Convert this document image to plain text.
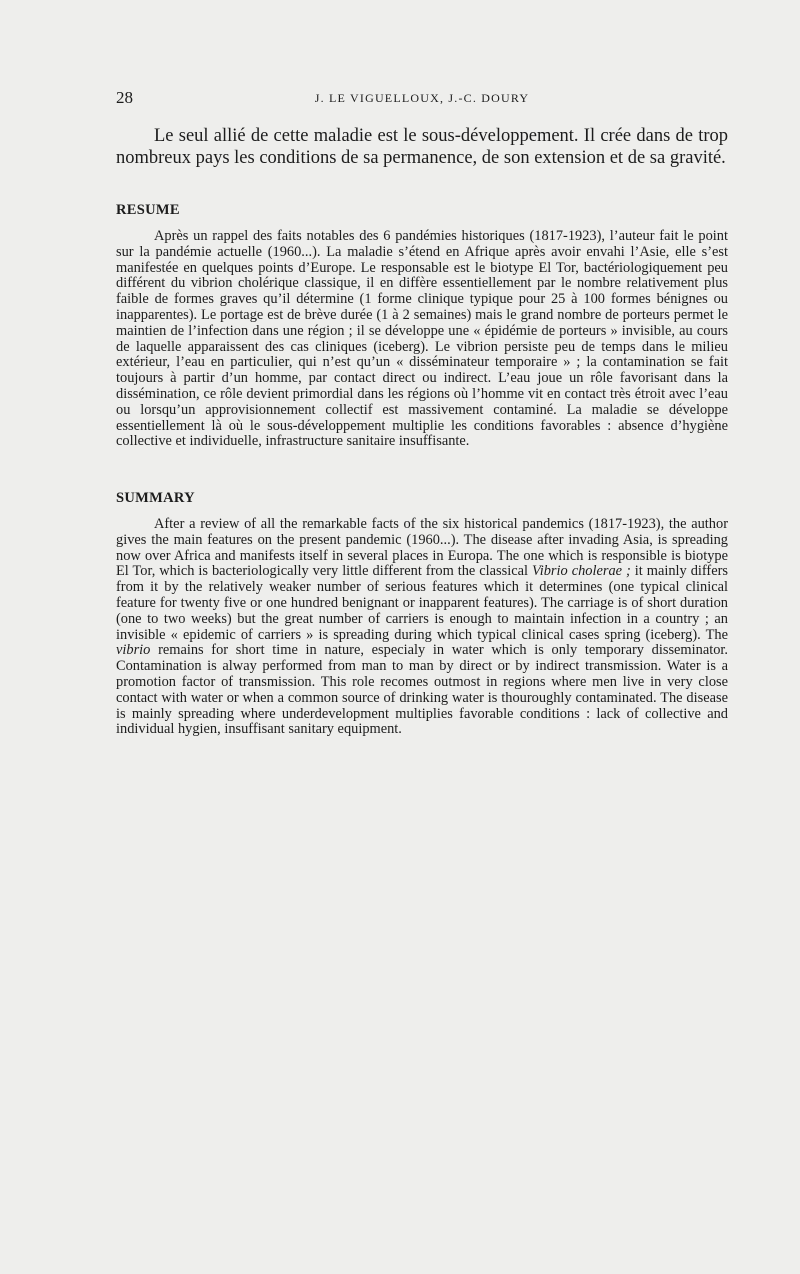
28	J. LE VIGUELLOUX, J.-C. DOURY

Le seul allié de cette maladie est le sous-développement. Il crée dans de trop nombreux pays les conditions de sa permanence, de son extension et de sa gravité.

RESUME

Après un rappel des faits notables des 6 pandémies historiques (1817-1923), l’auteur fait le point sur la pandémie actuelle (1960...). La maladie s’étend en Afrique après avoir envahi l’Asie, elle s’est manifestée en quelques points d’Europe. Le responsable est le biotype El Tor, bactériologiquement peu différent du vibrion cholérique classique, il en diffère essentiellement par le nombre relativement plus faible de formes graves qu’il détermine (1 forme clinique typique pour 25 à 100 formes bénignes ou inapparentes). Le portage est de brève durée (1 à 2 semaines) mais le grand nombre de porteurs permet le maintien de l’infection dans une région ; il se développe une « épidémie de porteurs » invisible, au cours de laquelle apparaissent des cas cliniques (iceberg). Le vibrion persiste peu de temps dans le milieu extérieur, l’eau en particulier, qui n’est qu’un « disséminateur temporaire » ; la contamination se fait toujours à partir d’un homme, par contact direct ou indirect. L’eau joue un rôle favorisant dans la dissémination, ce rôle devient primordial dans les régions où l’homme vit en contact très étroit avec l’eau ou lorsqu’un approvisionnement collectif est massivement contaminé. La maladie se développe essentiellement là où le sous-développement multiplie les conditions favorables : absence d’hygiène collective et individuelle, infrastructure sanitaire insuffisante.

SUMMARY

After a review of all the remarkable facts of the six historical pandemics (1817-1923), the author gives the main features on the present pandemic (1960...). The disease after invading Asia, is spreading now over Africa and manifests itself in several places in Europa. The one which is responsible is biotype El Tor, which is bacteriologically very little different from the classical Vibrio cholerae ; it mainly differs from it by the relatively weaker number of serious features which it determines (one typical clinical feature for twenty five or one hundred benignant or inapparent features). The carriage is of short duration (one to two weeks) but the great number of carriers is enough to maintain infection in a country ; an invisible « epidemic of carriers » is spreading during which typical clinical cases spring (iceberg). The vibrio remains for short time in nature, especialy in water which is only temporary disseminator. Contamination is alway performed from man to man by direct or by indirect transmission. Water is a promotion factor of transmission. This role recomes outmost in regions where men live in very close contact with water or when a common source of drinking water is thouroughly contaminated. The disease is mainly spreading where underdevelopment multiplies favorable conditions : lack of collective and individual hygien, insuffisant sanitary equipment.
